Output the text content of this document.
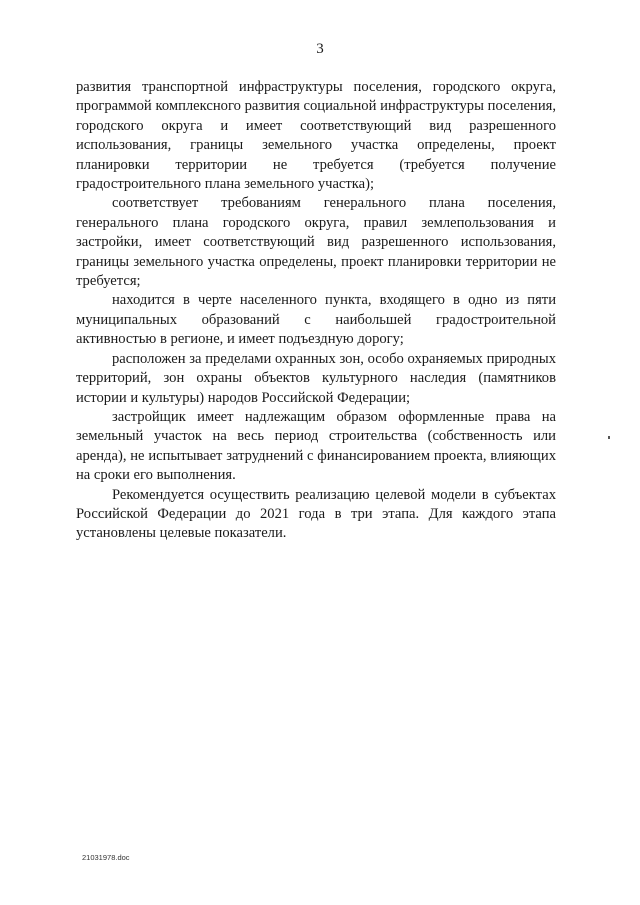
3

развития транспортной инфраструктуры поселения, городского округа, программой комплексного развития социальной инфраструктуры поселения, городского округа и имеет соответствующий вид разрешенного использования, границы земельного участка определены, проект планировки территории не требуется (требуется получение градостроительного плана земельного участка);

соответствует требованиям генерального плана поселения, генерального плана городского округа, правил землепользования и застройки, имеет соответствующий вид разрешенного использования, границы земельного участка определены, проект планировки территории не требуется;

находится в черте населенного пункта, входящего в одно из пяти муниципальных образований с наибольшей градостроительной активностью в регионе, и имеет подъездную дорогу;

расположен за пределами охранных зон, особо охраняемых природных территорий, зон охраны объектов культурного наследия (памятников истории и культуры) народов Российской Федерации;

застройщик имеет надлежащим образом оформленные права на земельный участок на весь период строительства (собственность или аренда), не испытывает затруднений с финансированием проекта, влияющих на сроки его выполнения.

Рекомендуется осуществить реализацию целевой модели в субъектах Российской Федерации до 2021 года в три этапа. Для каждого этапа установлены целевые показатели.

21031978.doc
